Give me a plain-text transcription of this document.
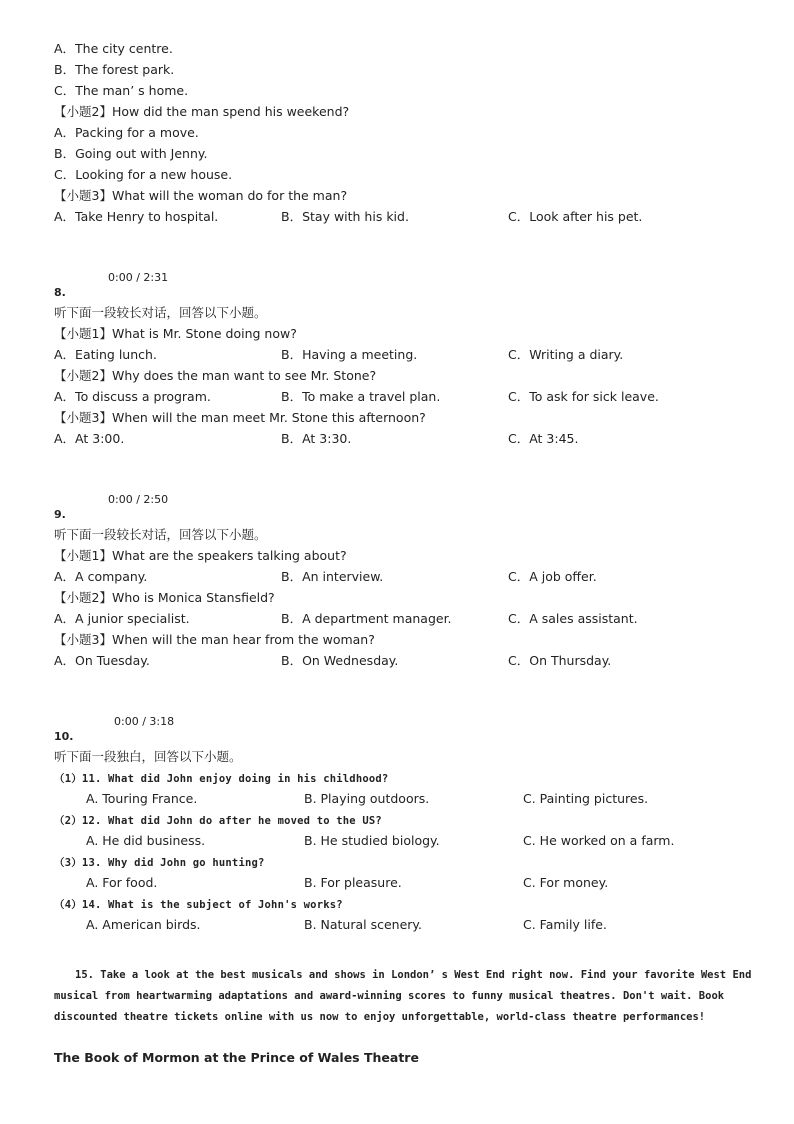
A．The city centre.
B．The forest park.
C．The man’ s home.
【小题2】How did the man spend his weekend?
A．Packing for a move.
B．Going out with Jenny.
C．Looking for a new house.
【小题3】What will the woman do for the man?
A．Take Henry to hospital.	B．Stay with his kid.	C．Look after his pet.
0:00 / 2:31
8.
听下面一段较长对话，回答以下小题。
【小题1】What is Mr. Stone doing now?
A．Eating lunch.	B．Having a meeting.	C．Writing a diary.
【小题2】Why does the man want to see Mr. Stone?
A．To discuss a program.	B．To make a travel plan.	C．To ask for sick leave.
【小题3】When will the man meet Mr. Stone this afternoon?
A．At 3:00.	B．At 3:30.	C．At 3:45.
0:00 / 2:50
9.
听下面一段较长对话，回答以下小题。
【小题1】What are the speakers talking about?
A．A company.	B．An interview.	C．A job offer.
【小题2】Who is Monica Stansfield?
A．A junior specialist.	B．A department manager.	C．A sales assistant.
【小题3】When will the man hear from the woman?
A．On Tuesday.	B．On Wednesday.	C．On Thursday.
0:00 / 3:18
10.
听下面一段独白，回答以下小题。
（1）11. What did John enjoy doing in his childhood?
A. Touring France.	B. Playing outdoors.	C. Painting pictures.
（2）12. What did John do after he moved to the US?
A. He did business.	B. He studied biology.	C. He worked on a farm.
（3）13. Why did John go hunting?
A. For food.	B. For pleasure.	C. For money.
（4）14. What is the subject of John's works?
A. American birds.	B. Natural scenery.	C. Family life.
15. Take a look at the best musicals and shows in London’ s West End right now. Find your favorite West End
musical from heartwarming adaptations and award-winning scores to funny musical theatres. Don't wait. Book
discounted theatre tickets online with us now to enjoy unforgettable, world-class theatre performances!
The Book of Mormon at the Prince of Wales Theatre
